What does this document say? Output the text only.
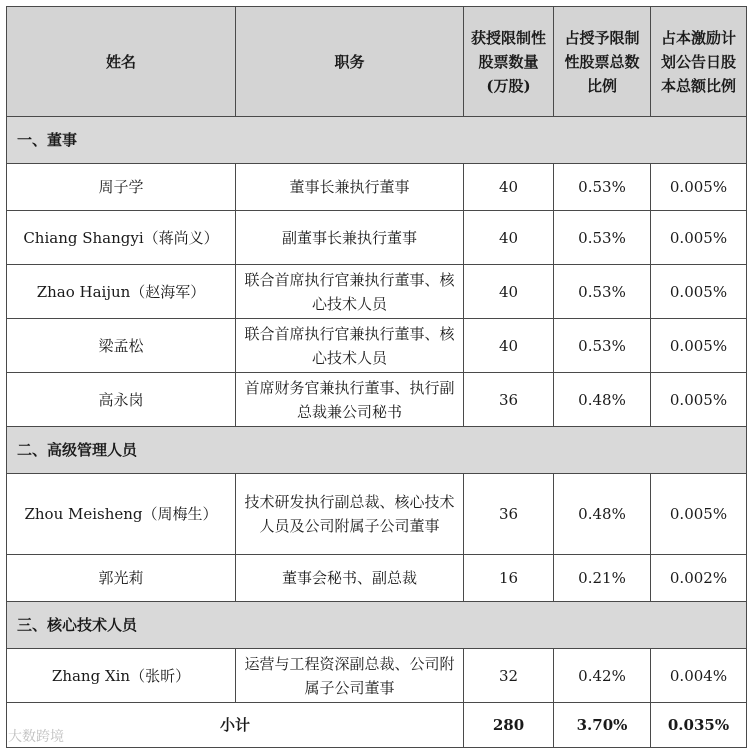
姓名	职务	获授限制性股票数量(万股)	占授予限制性股票总数比例	占本激励计划公告日股本总额比例
一、董事				
周子学	董事长兼执行董事	40	0.53%	0.005%
Chiang Shangyi（蒋尚义）	副董事长兼执行董事	40	0.53%	0.005%
Zhao Haijun（赵海军）	联合首席执行官兼执行董事、核心技术人员	40	0.53%	0.005%
梁孟松	联合首席执行官兼执行董事、核心技术人员	40	0.53%	0.005%
高永岗	首席财务官兼执行董事、执行副总裁兼公司秘书	36	0.48%	0.005%
二、高级管理人员				
Zhou Meisheng（周梅生）	技术研发执行副总裁、核心技术人员及公司附属子公司董事	36	0.48%	0.005%
郭光莉	董事会秘书、副总裁	16	0.21%	0.002%
三、核心技术人员				
Zhang Xin（张昕）	运营与工程资深副总裁、公司附属子公司董事	32	0.42%	0.004%
小计		280	3.70%	0.035%
大数跨境
